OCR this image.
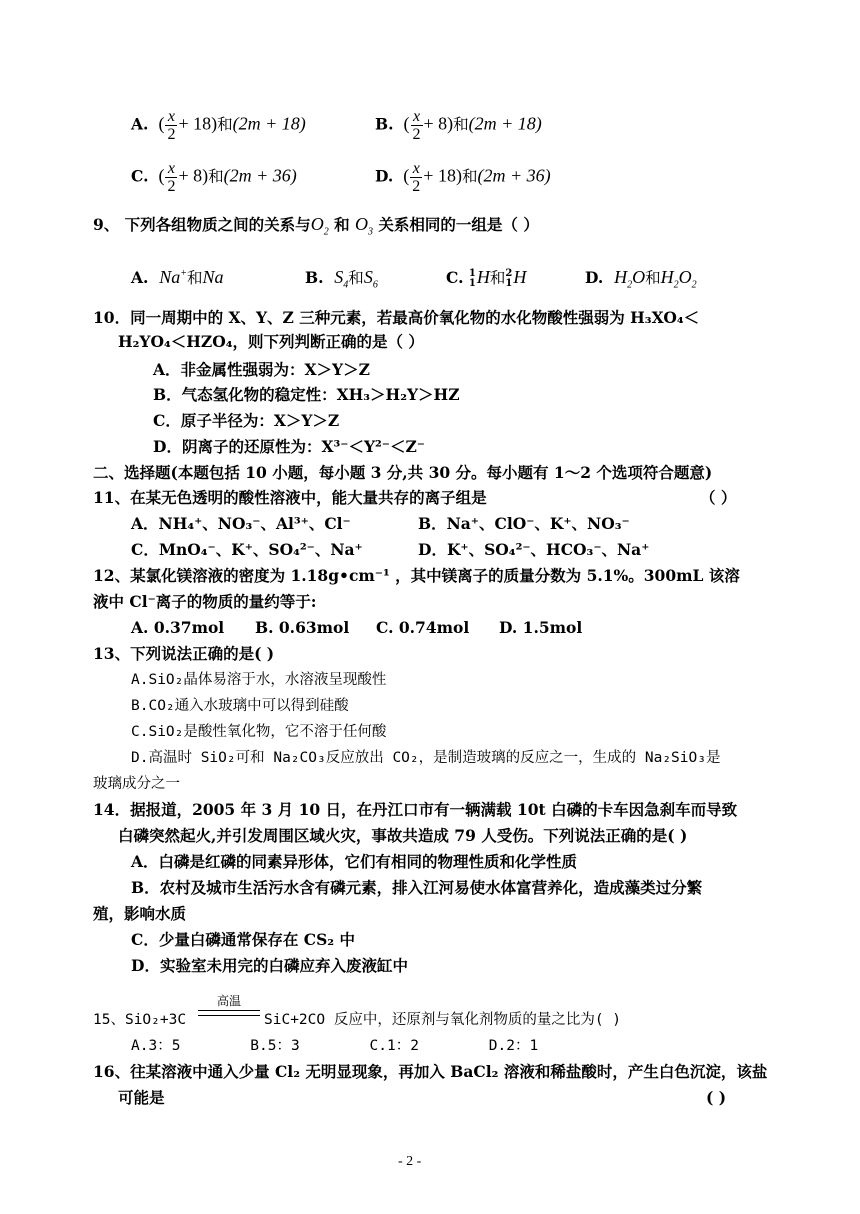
A. ( $\frac{x}{2} + 18$)和(2m + 18)	B. ( $\frac{x}{2} + 8$)和(2m + 18)
C. ( $\frac{x}{2} + 8$)和(2m + 36)	D. ( $\frac{x}{2} + 18$)和(2m + 36)
9、 下列各组物质之间的关系与$O_2$ 和 $O_3$ 关系相同的一组是（ ）
A. Na+和Na	B. $S_4$和$S_6$	C. 1
1 H和 2
1 H	D. $H_2O$和$H_2O_2$
10．同一周期中的 X、Y、Z 三种元素，若最高价氧化物的水化物酸性强弱为 H₃XO₄＜
H₂YO₄＜HZO₄，则下列判断正确的是（ ）
A．非金属性强弱为：X＞Y＞Z
B．气态氢化物的稳定性：XH₃＞H₂Y＞HZ
C．原子半径为：X＞Y＞Z
D．阴离子的还原性为：X³⁻＜Y²⁻＜Z⁻
二、选择题(本题包括 10 小题，每小题 3 分,共 30 分。每小题有 1～2 个选项符合题意)
11、在某无色透明的酸性溶液中，能大量共存的离子组是	（ ）
A．NH₄⁺、NO₃⁻、Al³⁺、Cl⁻	B．Na⁺、ClO⁻、K⁺、NO₃⁻
C．MnO₄⁻、K⁺、SO₄²⁻、Na⁺	D．K⁺、SO₄²⁻、HCO₃⁻、Na⁺
12、某氯化镁溶液的密度为 1.18g•cm⁻¹ ，其中镁离子的质量分数为 5.1%。300mL 该溶
液中 Cl⁻离子的物质的量约等于:
A. 0.37mol B. 0.63mol C. 0.74mol D. 1.5mol
13、下列说法正确的是( )
A.SiO₂晶体易溶于水，水溶液呈现酸性
B.CO₂通入水玻璃中可以得到硅酸
C.SiO₂是酸性氧化物，它不溶于任何酸
D.高温时 SiO₂可和 Na₂CO₃反应放出 CO₂，是制造玻璃的反应之一，生成的 Na₂SiO₃是
玻璃成分之一
14．据报道，2005 年 3 月 10 日，在丹江口市有一辆满载 10t 白磷的卡车因急刹车而导致
白磷突然起火,并引发周围区域火灾，事故共造成 79 人受伤。下列说法正确的是( )
A．白磷是红磷的同素异形体，它们有相同的物理性质和化学性质
B．农村及城市生活污水含有磷元素，排入江河易使水体富营养化，造成藻类过分繁
殖，影响水质
C．少量白磷通常保存在 CS₂ 中
D．实验室未用完的白磷应弃入废液缸中
15、SiO₂+3C
高温
SiC+2CO 反应中，还原剂与氧化剂物质的量之比为( )
A.3：5        B.5：3        C.1：2        D.2：1
16、往某溶液中通入少量 Cl₂ 无明显现象，再加入 BaCl₂ 溶液和稀盐酸时，产生白色沉淀，该盐
可能是	( )
- 2 -
